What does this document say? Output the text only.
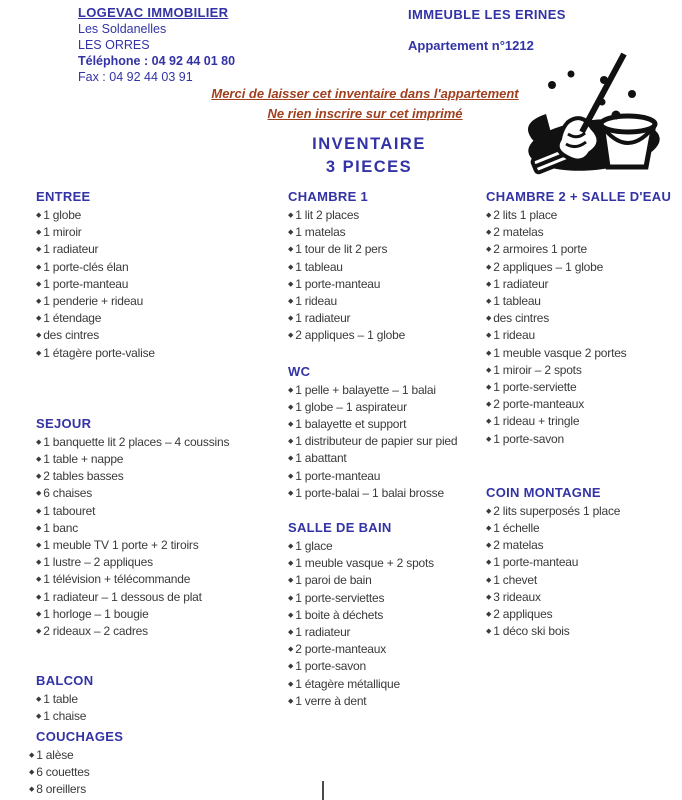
LOGEVAC IMMOBILIER
Les Soldanelles
LES ORRES
Téléphone : 04 92 44 01 80
Fax : 04 92 44 03 91
IMMEUBLE LES ERINES
Appartement n°1212
Merci de laisser cet inventaire dans l'appartement
Ne rien inscrire sur cet imprimé
INVENTAIRE
3 PIECES
ENTREE
◆ 1 globe
◆ 1 miroir
◆ 1 radiateur
◆ 1 porte-clés élan
◆ 1 porte-manteau
◆ 1 penderie + rideau
◆ 1 étendage
◆ des cintres
◆ 1 étagère porte-valise
SEJOUR
◆ 1 banquette lit 2 places – 4 coussins
◆ 1 table + nappe
◆ 2 tables basses
◆ 6 chaises
◆ 1 tabouret
◆ 1 banc
◆ 1 meuble TV 1 porte + 2 tiroirs
◆ 1 lustre – 2 appliques
◆ 1 télévision + télécommande
◆ 1 radiateur – 1 dessous de plat
◆ 1 horloge – 1 bougie
◆ 2 rideaux – 2 cadres
BALCON
◆ 1 table
◆ 1 chaise
COUCHAGES
◆ 1 alèse
◆ 6 couettes
◆ 8 oreillers
CHAMBRE 1
◆ 1 lit 2 places
◆ 1 matelas
◆ 1 tour de lit 2 pers
◆ 1 tableau
◆ 1 porte-manteau
◆ 1 rideau
◆ 1 radiateur
◆ 2 appliques – 1 globe
WC
◆ 1 pelle + balayette – 1 balai
◆ 1 globe – 1 aspirateur
◆ 1 balayette et support
◆ 1 distributeur de papier sur pied
◆ 1 abattant
◆ 1 porte-manteau
◆ 1 porte-balai – 1 balai brosse
SALLE DE BAIN
◆ 1 glace
◆ 1 meuble vasque + 2 spots
◆ 1 paroi de bain
◆ 1 porte-serviettes
◆ 1 boite à déchets
◆ 1 radiateur
◆ 2 porte-manteaux
◆ 1 porte-savon
◆ 1 étagère métallique
◆ 1 verre à dent
CHAMBRE 2 + SALLE D'EAU
◆ 2 lits 1 place
◆ 2 matelas
◆ 2 armoires 1 porte
◆ 2 appliques – 1 globe
◆ 1 radiateur
◆ 1 tableau
◆ des cintres
◆ 1 rideau
◆ 1 meuble vasque 2 portes
◆ 1 miroir – 2 spots
◆ 1 porte-serviette
◆ 2 porte-manteaux
◆ 1 rideau + tringle
◆ 1 porte-savon
COIN MONTAGNE
◆ 2 lits superposés 1 place
◆ 1 échelle
◆ 2 matelas
◆ 1 porte-manteau
◆ 1 chevet
◆ 3 rideaux
◆ 2 appliques
◆ 1 déco ski bois
